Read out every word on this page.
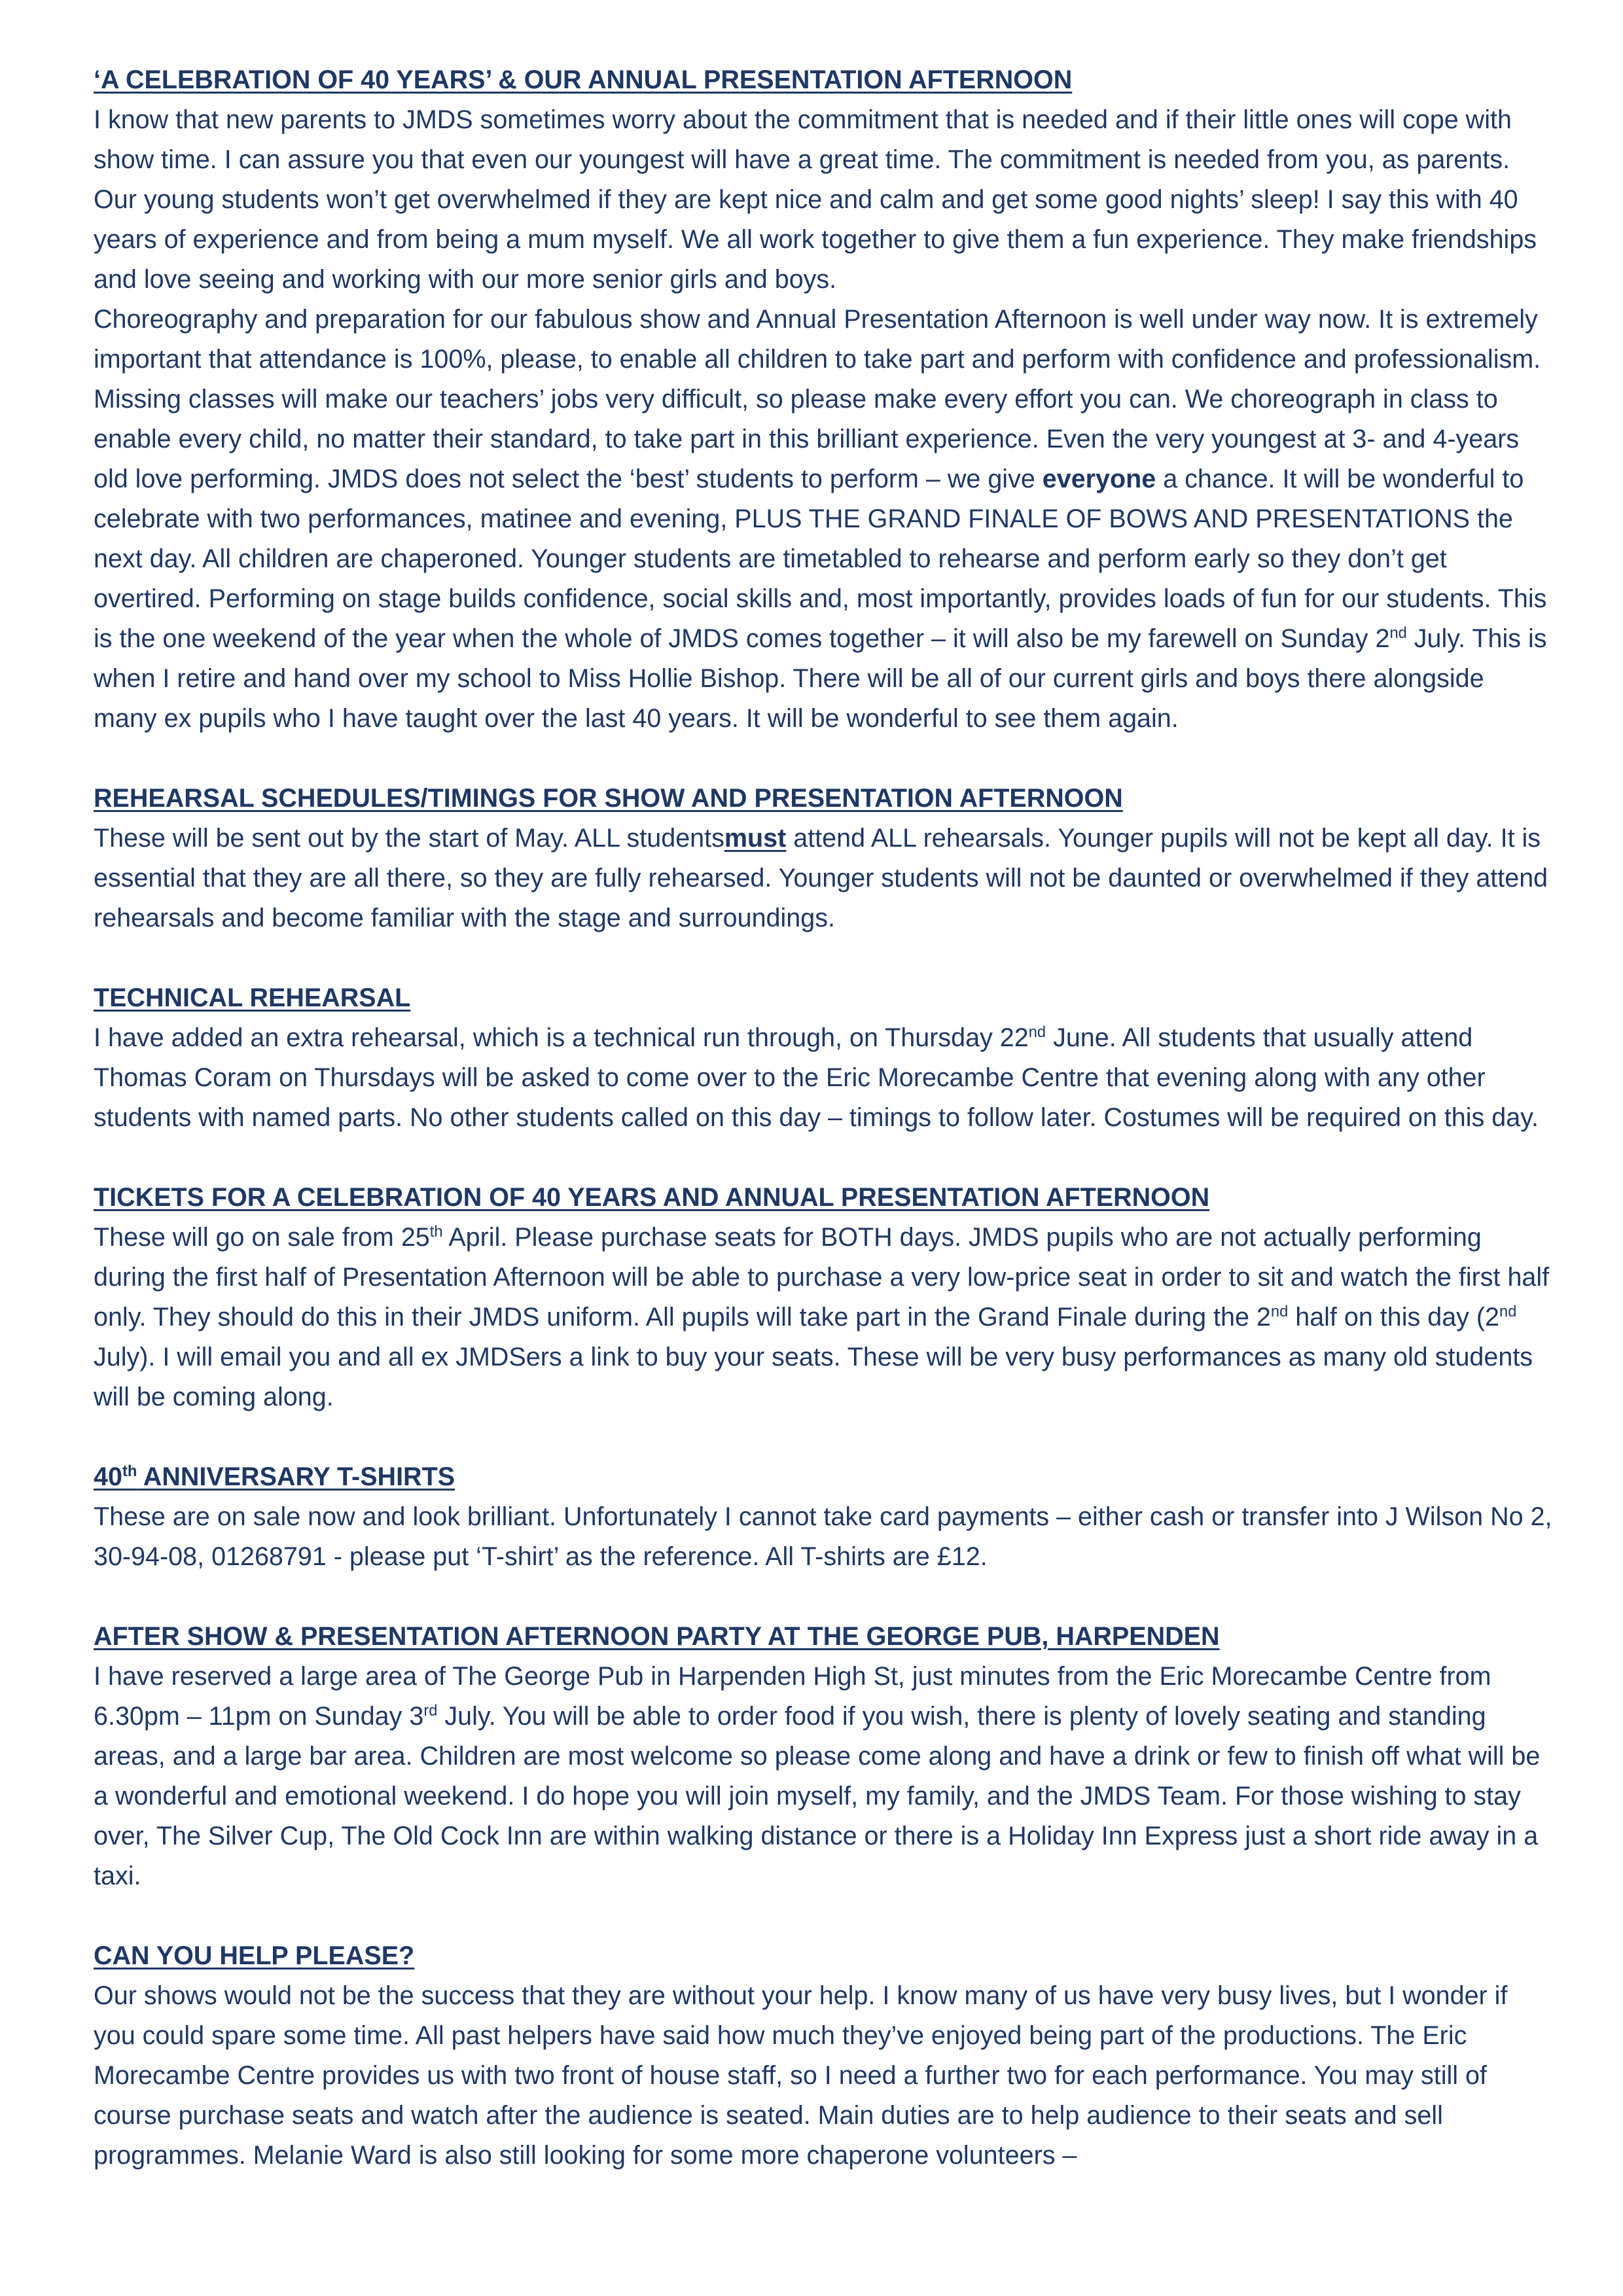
‘A CELEBRATION OF 40 YEARS’ & OUR ANNUAL PRESENTATION AFTERNOON

I know that new parents to JMDS sometimes worry about the commitment that is needed and if their little ones will cope with show time. I can assure you that even our youngest will have a great time. The commitment is needed from you, as parents. Our young students won’t get overwhelmed if they are kept nice and calm and get some good nights’ sleep! I say this with 40 years of experience and from being a mum myself. We all work together to give them a fun experience. They make friendships and love seeing and working with our more senior girls and boys.

Choreography and preparation for our fabulous show and Annual Presentation Afternoon is well under way now. It is extremely important that attendance is 100%, please, to enable all children to take part and perform with confidence and professionalism. Missing classes will make our teachers’ jobs very difficult, so please make every effort you can. We choreograph in class to enable every child, no matter their standard, to take part in this brilliant experience. Even the very youngest at 3- and 4-years old love performing. JMDS does not select the ‘best’ students to perform – we give everyone a chance. It will be wonderful to celebrate with two performances, matinee and evening, PLUS THE GRAND FINALE OF BOWS AND PRESENTATIONS the next day. All children are chaperoned. Younger students are timetabled to rehearse and perform early so they don’t get overtired. Performing on stage builds confidence, social skills and, most importantly, provides loads of fun for our students. This is the one weekend of the year when the whole of JMDS comes together – it will also be my farewell on Sunday 2nd July. This is when I retire and hand over my school to Miss Hollie Bishop. There will be all of our current girls and boys there alongside many ex pupils who I have taught over the last 40 years. It will be wonderful to see them again.

REHEARSAL SCHEDULES/TIMINGS FOR SHOW AND PRESENTATION AFTERNOON

These will be sent out by the start of May. ALL studentsmust attend ALL rehearsals. Younger pupils will not be kept all day. It is essential that they are all there, so they are fully rehearsed. Younger students will not be daunted or overwhelmed if they attend rehearsals and become familiar with the stage and surroundings.

TECHNICAL REHEARSAL

I have added an extra rehearsal, which is a technical run through, on Thursday 22nd June. All students that usually attend Thomas Coram on Thursdays will be asked to come over to the Eric Morecambe Centre that evening along with any other students with named parts. No other students called on this day – timings to follow later. Costumes will be required on this day.

TICKETS FOR A CELEBRATION OF 40 YEARS AND ANNUAL PRESENTATION AFTERNOON

These will go on sale from 25th April. Please purchase seats for BOTH days. JMDS pupils who are not actually performing during the first half of Presentation Afternoon will be able to purchase a very low-price seat in order to sit and watch the first half only. They should do this in their JMDS uniform. All pupils will take part in the Grand Finale during the 2nd half on this day (2nd July). I will email you and all ex JMDSers a link to buy your seats. These will be very busy performances as many old students will be coming along.

40th ANNIVERSARY T-SHIRTS

These are on sale now and look brilliant. Unfortunately I cannot take card payments – either cash or transfer into J Wilson No 2, 30-94-08, 01268791 - please put ‘T-shirt’ as the reference. All T-shirts are £12.

AFTER SHOW & PRESENTATION AFTERNOON PARTY AT THE GEORGE PUB, HARPENDEN

I have reserved a large area of The George Pub in Harpenden High St, just minutes from the Eric Morecambe Centre from 6.30pm – 11pm on Sunday 3rd July. You will be able to order food if you wish, there is plenty of lovely seating and standing areas, and a large bar area. Children are most welcome so please come along and have a drink or few to finish off what will be a wonderful and emotional weekend. I do hope you will join myself, my family, and the JMDS Team. For those wishing to stay over, The Silver Cup, The Old Cock Inn are within walking distance or there is a Holiday Inn Express just a short ride away in a taxi.

CAN YOU HELP PLEASE?

Our shows would not be the success that they are without your help. I know many of us have very busy lives, but I wonder if you could spare some time. All past helpers have said how much they’ve enjoyed being part of the productions. The Eric Morecambe Centre provides us with two front of house staff, so I need a further two for each performance. You may still of course purchase seats and watch after the audience is seated. Main duties are to help audience to their seats and sell programmes. Melanie Ward is also still looking for some more chaperone volunteers –
